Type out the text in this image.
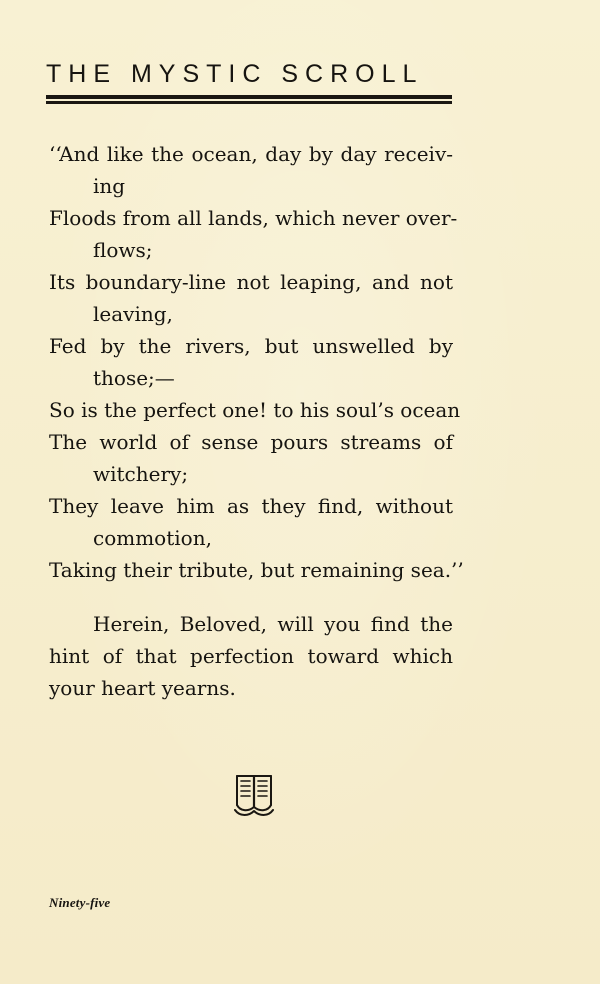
THE MYSTIC SCROLL
‘‘And like the ocean, day by day receiv-
ing
Floods from all lands, which never over-
flows;
Its boundary-line not leaping, and not
leaving,
Fed by the rivers, but unswelled by
those;—
So is the perfect one! to his soul’s ocean
The world of sense pours streams of
witchery;
They leave him as they find, without
commotion,
Taking their tribute, but remaining sea.’’
Herein, Beloved, will you find the
hint of that perfection toward which
your heart yearns.
Ninety-five
